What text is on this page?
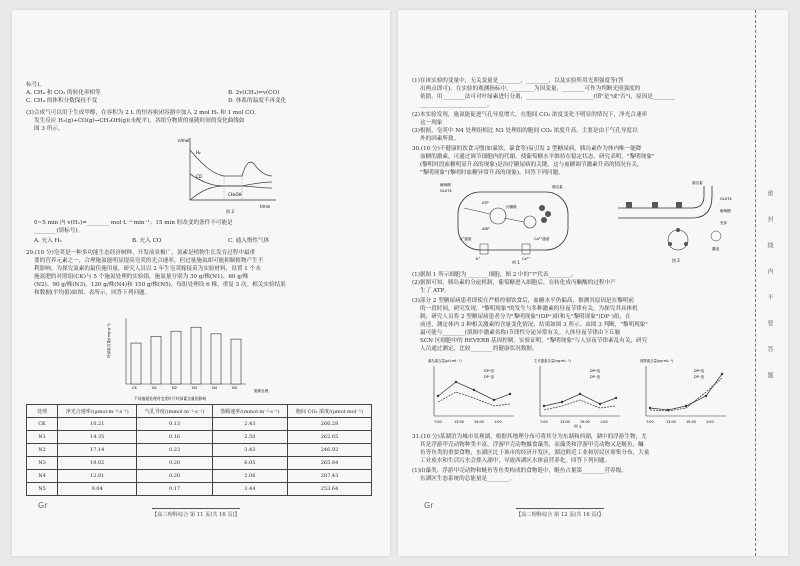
标号)。
A. CH₄ 和 CO₂ 的转化率相等	B. 2v(CH₄)=v(CO)
C. CH₄ 的体积分数保持不变	D. 体系的温度不再变化
(3)合成气可以用于生成甲醇，在容积为 2 L 的恒容密闭容器中加入 2 mol H₂ 和 1 mol CO，
发生反应 H₂(g)+CO(g)→CH₃OH(g)(未配平)，各组分物质的量随时间的变化曲线如
图 3 所示。
n/mol
t/min
H₂
CO
CH₃OH
图 3
0~5 min 内 v(H₂)=________ mol·L⁻¹·min⁻¹；15 min 时改变的条件不可能是
________(填标号)。
A. 充入 H₂	B. 充入 CO	C. 通入惰性气体
29.(10 分)皂荚是一种多功能生态经济树种，开发前景极广，氮素是植物生长发育过程中最重
要的营养元素之一，合理施氮能明显提高皂荚的光合速率，但过量施氮却可能抑制植物产生不
利影响。为探究氮素的最佳施用量，研究人员以 2 年生皂荚嫁接苗为实验材料，设置 1 个未
施氮肥的对照组(CK)与 5 个施氮处理的实验组，施氮量分别为 30 g/株(N1)、60 g/株
(N2)、90 g/株(N3)、120 g/株(N4)和 150 g/株(N5)，每组处理设 6 株，重复 3 次。相关实验结果
和数据(平均值)如图、表所示，回答下列问题。
CK	N1	N2	N3	N4	N5
叶绿素含量/(mg·g⁻¹)
施氮处理
不同施氮处理对皂荚叶片叶绿素含量的影响
处理	净光合速率/(μmol·m⁻²·s⁻¹)	气孔导度/(mmol·m⁻²·s⁻¹)	蒸腾速率/(mmol·m⁻²·s⁻¹)	胞间 CO₂ 浓度/(μmol·mol⁻¹)
CK	10.21	0.13	2.43	266.28
N1	14.35	0.16	2.50	262.65
N2	17.14	0.23	3.43	246.92
N3	19.02	0.20	6.05	265.84
N4	12.01	0.20	2.06	287.43
N5	9.04	0.17	3.44	253.64
Gr
【高三理科综合 第 11 页(共 16 页)】
(1)在该实验的变量中，无关变量是________，________，以及实验所用光照强度等(答
出两点即可)。在实验的观测指标中，________为因变量，________可作为判断光照强度的
依据。用________法可对叶绿素进行分离，________________________(填"是"或"否")，原因是________
________________________。
(2)本实验发现，施氮能促进气孔导度增大，在胞间 CO₂ 浓度变化不明显的情况下，净光合速率
这一现象
(3)根据，皂荚中 N4 处理组相比 N3 处理组的胞间 CO₂ 浓度升高，主要是由于气孔导度以
外的因素所致。
30.(10 分)不健康的饮食习惯(如暴饮、暴食等)易引发 2 型糖尿病，胰岛素作为体内唯一能降
血糖的激素，可通过调节细胞内的代谢，使葡萄糖水平维持在稳定状态。研究表明，"黎明现象"
(黎明时段血糖明显升高的现象)是治疗糖尿病的关键，这与血糖调节激素升高的情况有关。
"黎明现象"(黎明时血糖异常升高的现象)。回答下列问题。
葡萄糖
GLUT4
ATP
ADP
丙酮酸
K⁺	Ca²⁺
胰岛素
K⁺通道	Ca²⁺通道
图 1
胰岛素
GLUT4
葡萄糖
受体
囊泡
图 2
(1)据图 1 所示细胞为________细胞，图 2 中的"?"代表________。
(2)据图可知，胰岛素的分泌机制，葡萄糖进入细胞后，在转化成丙酮酸的过程中产
生了 ATP。
(3)部分 2 型糖尿病患者即使在严格控制饮食后，血糖水平仍偏高，推测其原因是在黎明前
的一段时间，研究发现，"黎明现象"的发生与多种激素的昼夜节律有关，为探究其具体机
制，研究人员将 2 型糖尿病患者分为"黎明现象"(DP⁺)组和无"黎明现象"(DP⁻)组，在
前述，测定体内 3 种相关激素的含量变化情况，结果如图 3 所示。由图 3 判断，"黎明现象"
最可能与________(填图中激素名称)节律性分泌异常有关。人体昼夜节律由下丘脑
SCN 区细胞中的 REVERB 基因控制。实验证明，"黎明现象"与人昼夜节律紊乱有关，研究
人员通过测定，比较________的健康状况数据。
胰岛素含量(μU·mL⁻¹)
DP⁺组
DP⁻组
7:00	13:00	19:00	1:00
生长激素含量(ng·mL⁻¹)
DP⁺组
DP⁻组
7:00	13:00	19:00	1:00
褪黑素含量(pg·mL⁻¹)
DP⁺组
DP⁻组
7:00	13:00	19:00	1:00
图 3
31.(10 分)某湖泊为城市景观湖，根据其地理分布可将其分为东湖和西湖，湖中的浮游生物，尤
其是浮游甲壳动物种类丰富，浮游甲壳动物摄食藻类，而藻类和浮游甲壳动物又是鲢鱼、鳙
鱼等鱼类的重要食物，东湖区比于该市的经济开发区，湖边附近工业和居民区密集分布，大量
工业废水和生活污水会排入湖中，导致西湖区水体富营养化。回答下列问题。
(1)由藻类、浮游甲壳动物和鲢鱼等鱼类构成的食物链中，鲢鱼占据第________营养级，
东湖区生态系统的总能量是________。
Gr
【高三理科综合 第 12 页(共 16 页)】
密
封
线
内
不
要
答
题
